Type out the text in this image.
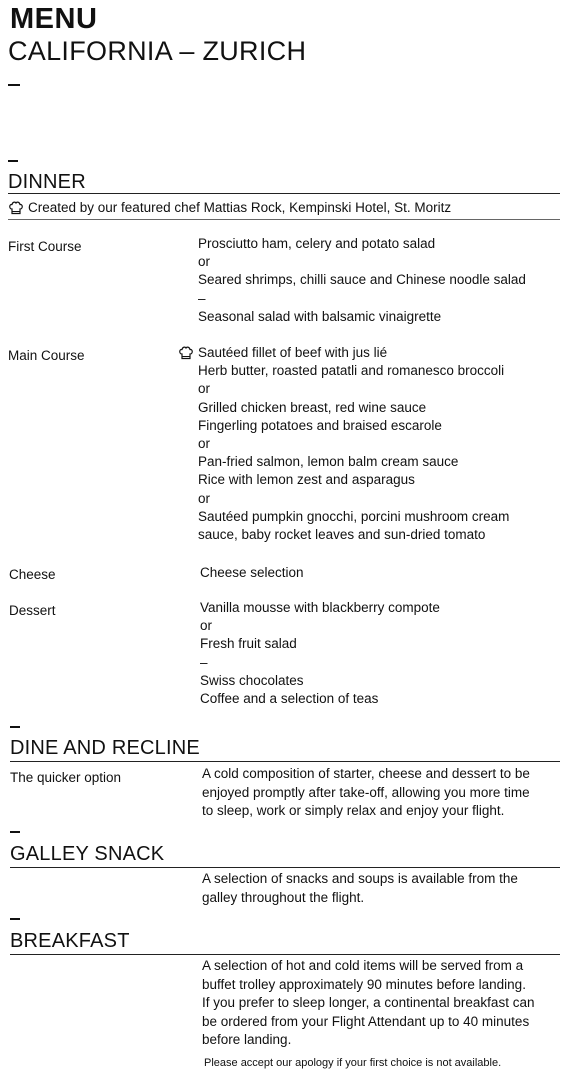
MENU
CALIFORNIA – ZURICH
DINNER
Created by our featured chef Mattias Rock, Kempinski Hotel, St. Moritz
First Course	Prosciutto ham, celery and potato salad
or
Seared shrimps, chilli sauce and Chinese noodle salad
–
Seasonal salad with balsamic vinaigrette
Main Course	Sautéed fillet of beef with jus lié
Herb butter, roasted patatli and romanesco broccoli
or
Grilled chicken breast, red wine sauce
Fingerling potatoes and braised escarole
or
Pan-fried salmon, lemon balm cream sauce
Rice with lemon zest and asparagus
or
Sautéed pumpkin gnocchi, porcini mushroom cream
sauce, baby rocket leaves and sun-dried tomato
Cheese	Cheese selection
Dessert	Vanilla mousse with blackberry compote
or
Fresh fruit salad
–
Swiss chocolates
Coffee and a selection of teas
DINE AND RECLINE
The quicker option	A cold composition of starter, cheese and dessert to be
enjoyed promptly after take-off, allowing you more time
to sleep, work or simply relax and enjoy your flight.
GALLEY SNACK
A selection of snacks and soups is available from the
galley throughout the flight.
BREAKFAST
A selection of hot and cold items will be served from a
buffet trolley approximately 90 minutes before landing.
If you prefer to sleep longer, a continental breakfast can
be ordered from your Flight Attendant up to 40 minutes
before landing.
Please accept our apology if your first choice is not available.
